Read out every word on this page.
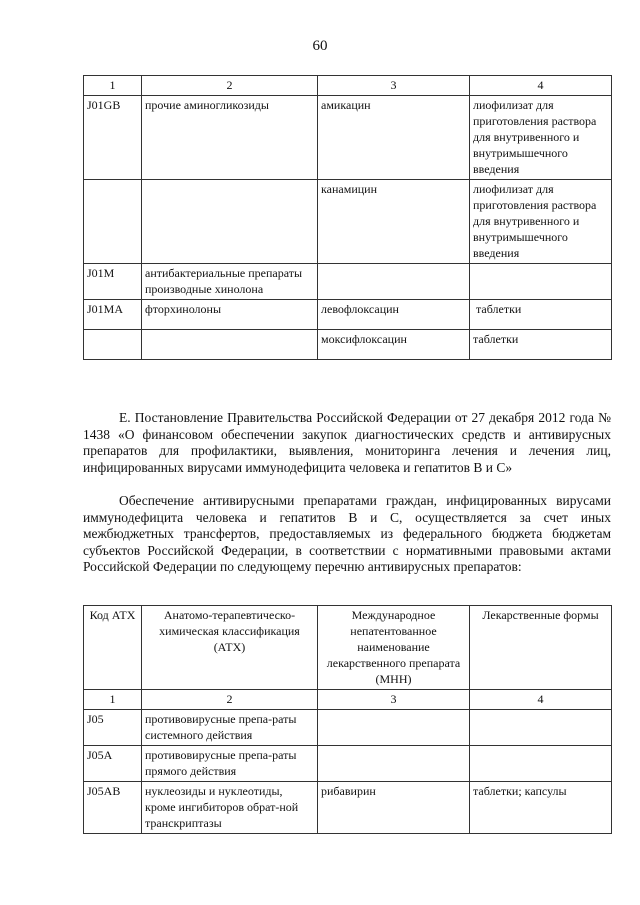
60
1	2	3	4
J01GB	прочие аминогликозиды	амикацин	лиофилизат для приготовления раствора для внутривенного и внутримышечного введения
		канамицин	лиофилизат для приготовления раствора для внутривенного и внутримышечного введения
J01M	антибактериальные препараты производные хинолона		
J01MA	фторхинолоны	левофлоксацин	таблетки
		моксифлоксацин	таблетки
Е. Постановление Правительства Российской Федерации от 27 декабря 2012 года № 1438 «О финансовом обеспечении закупок диагностических средств и антивирусных препаратов для профилактики, выявления, мониторинга лечения и лечения лиц, инфицированных вирусами иммунодефицита человека и гепатитов В и С»
Обеспечение антивирусными препаратами граждан, инфицированных вирусами иммунодефицита человека и гепатитов В и С, осуществляется за счет иных межбюджетных трансфертов, предоставляемых из федерального бюджета бюджетам субъектов Российской Федерации, в соответствии с нормативными правовыми актами Российской Федерации по следующему перечню антивирусных препаратов:
Код АТХ	Анатомо-терапевтическо-химическая классификация (АТХ)	Международное непатентованное наименование лекарственного препарата (МНН)	Лекарственные формы
1	2	3	4
J05	противовирусные препа-раты системного действия		
J05A	противовирусные препа-раты прямого действия		
J05AB	нуклеозиды и нуклеотиды, кроме ингибиторов обрат-ной транскриптазы	рибавирин	таблетки; капсулы
